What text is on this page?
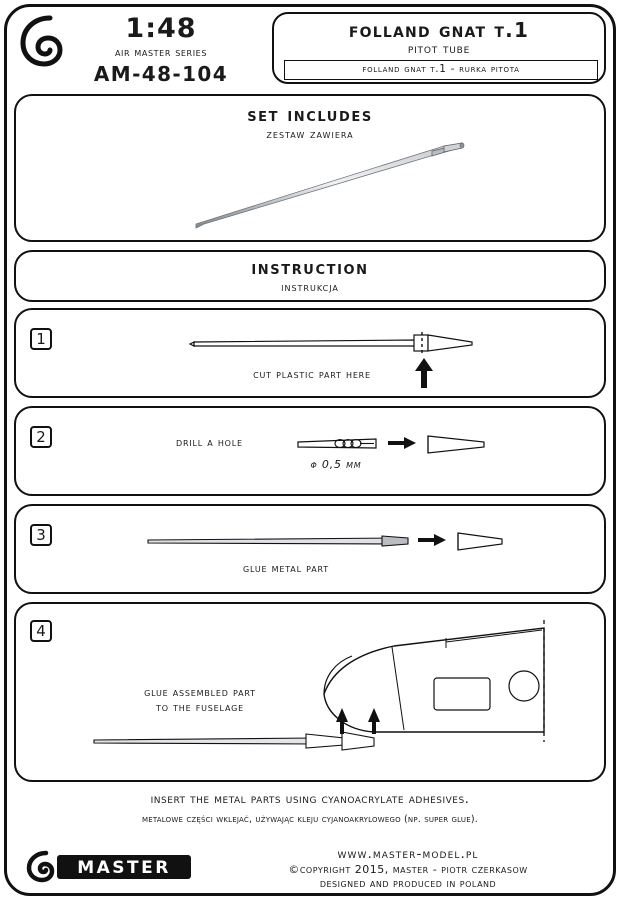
1:48
air master series
AM-48-104
folland gnat t.1
pitot tube
folland gnat t.1 - rurka pitota
set includes
zestaw zawiera
instruction
instrukcja
1
cut plastic part here
2	drill a hole
φ 0,5 mm
3
glue metal part
4
glue assembled part
to the fuselage
insert the metal parts using cyanoacrylate adhesives.
metalowe części wklejać, używając kleju cyjanoakrylowego (np. super glue).
MASTER
www.master-model.pl
©copyright 2015, master - piotr czerkasow
designed and produced in poland
